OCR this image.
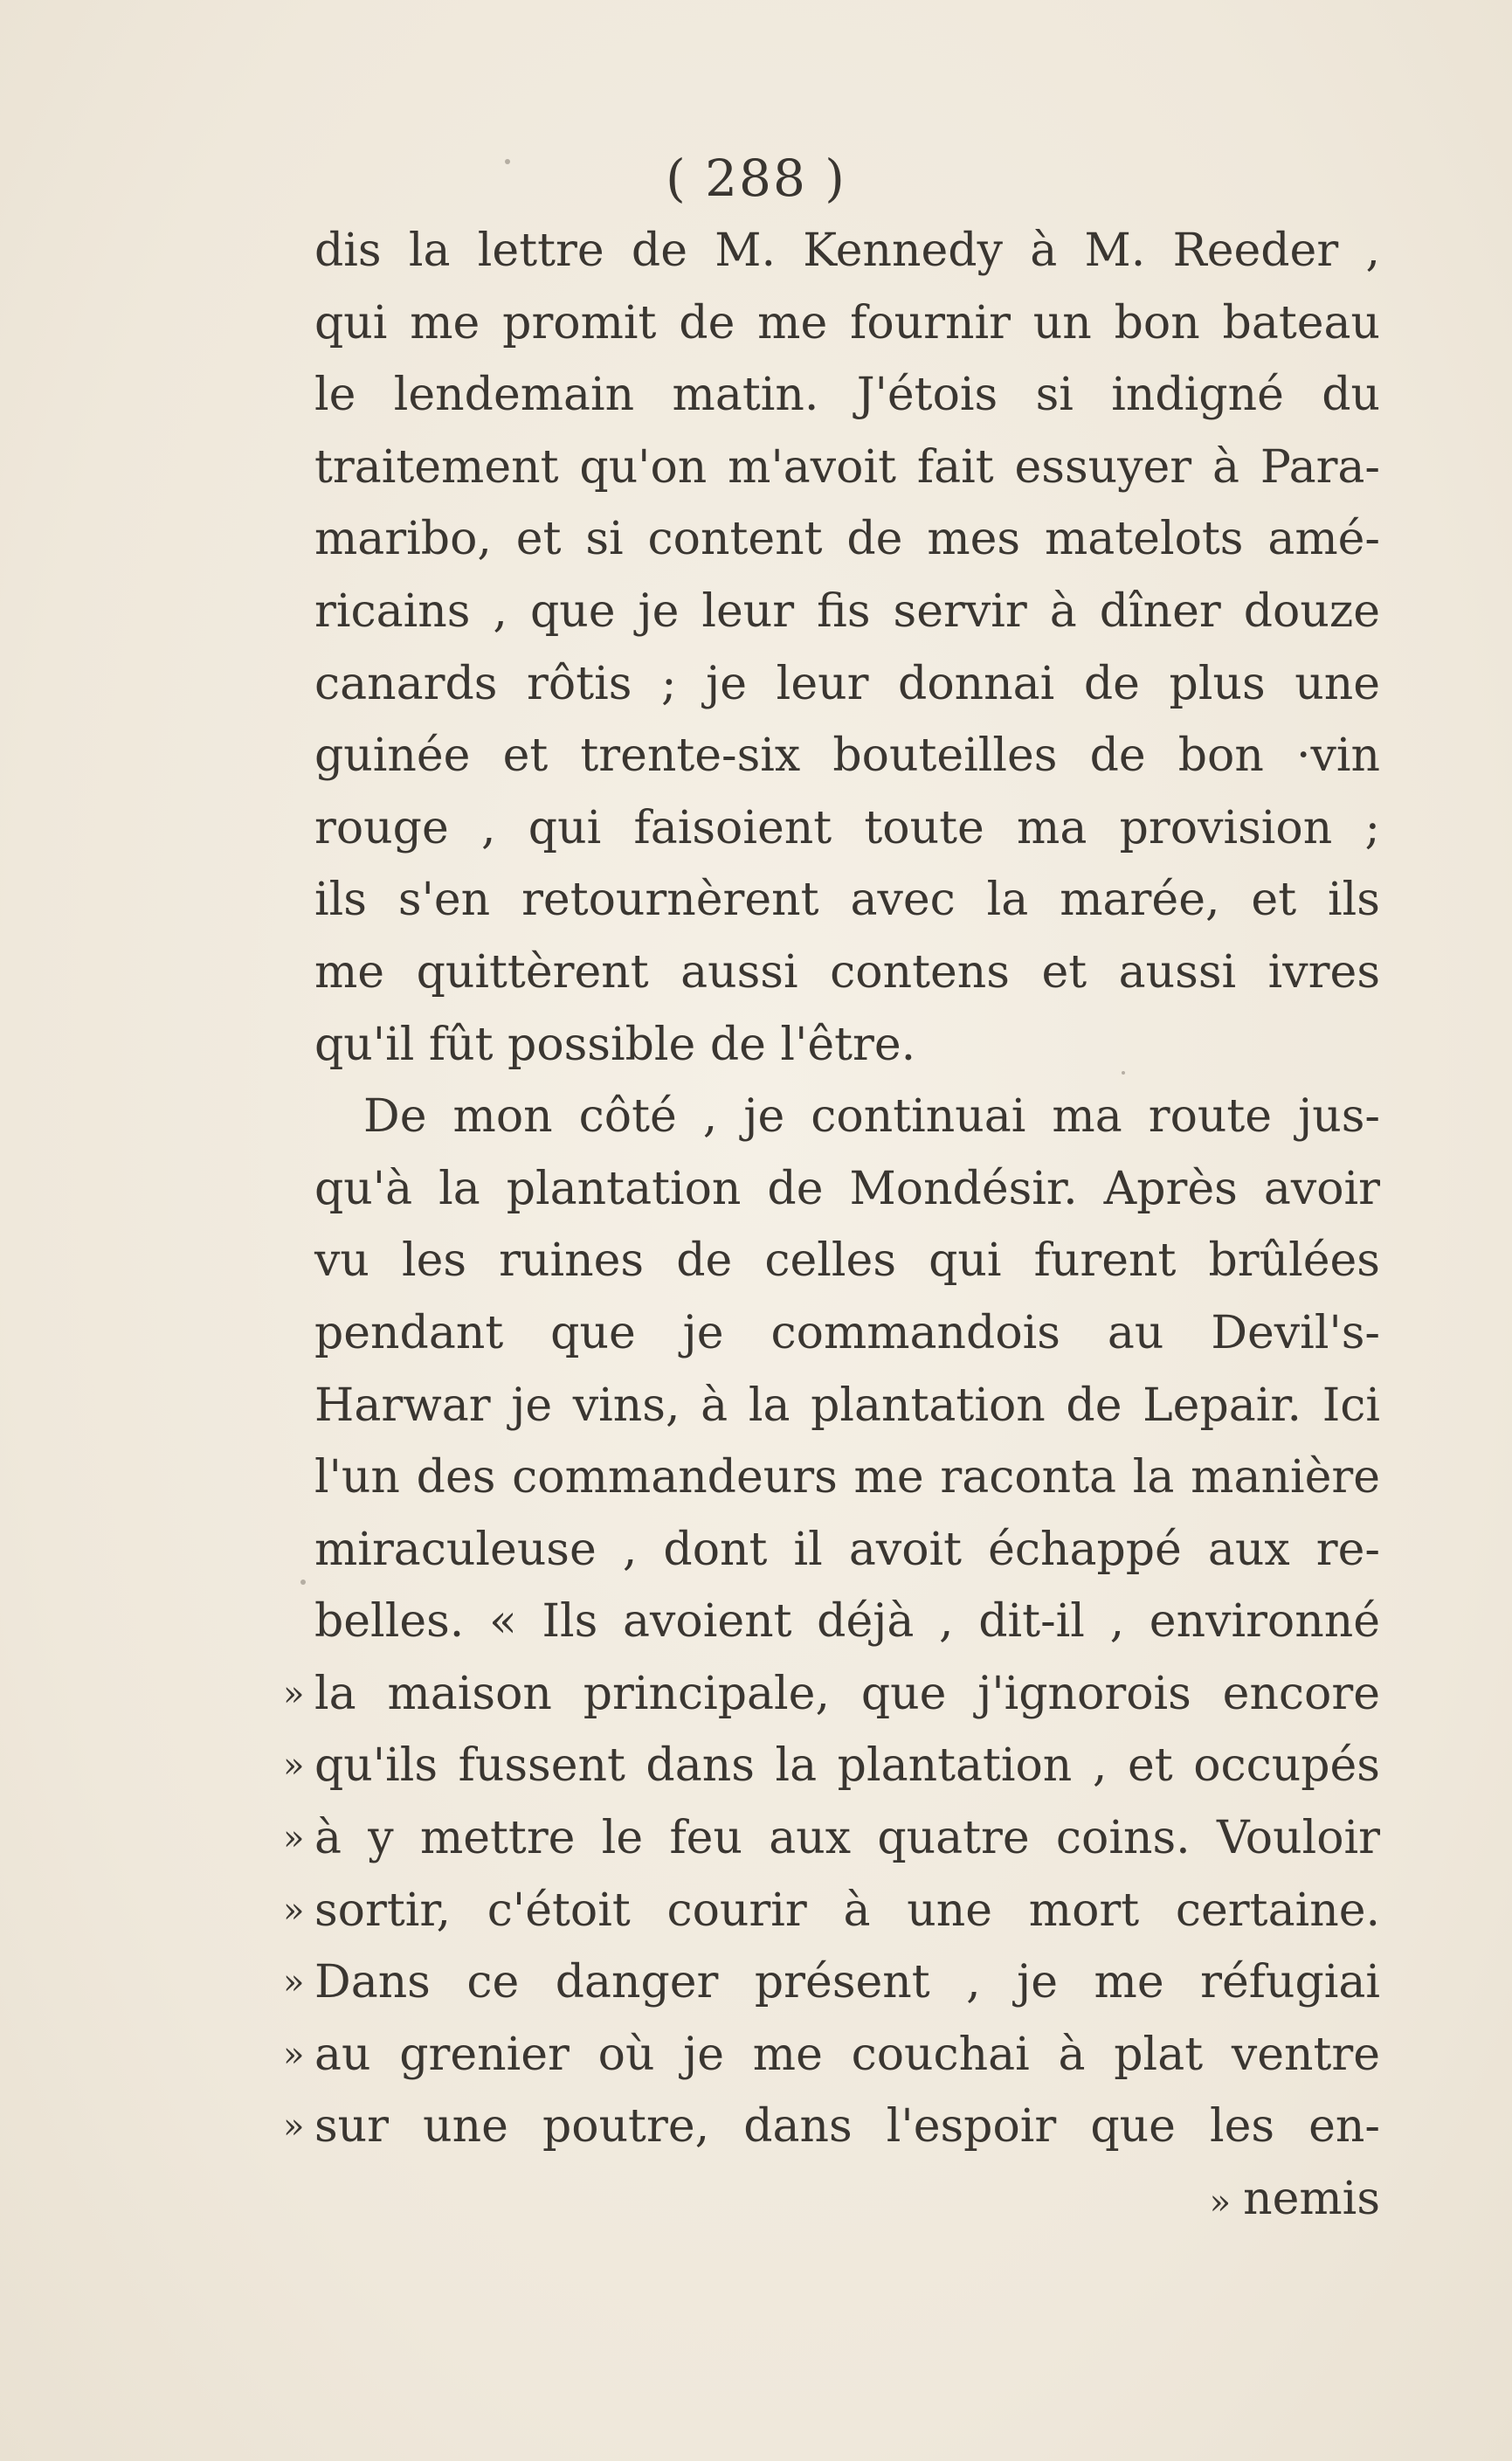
( 288 )
dis la lettre de M. Kennedy à M. Reeder ,
qui me promit de me fournir un bon bateau
le lendemain matin. J'étois si indigné du
traitement qu'on m'avoit fait essuyer à Para-
maribo, et si content de mes matelots amé-
ricains , que je leur fis servir à dîner douze
canards rôtis ; je leur donnai de plus une
guinée et trente-six bouteilles de bon ·vin
rouge , qui faisoient toute ma provision ;
ils s'en retournèrent avec la marée, et ils
me quittèrent aussi contens et aussi ivres
qu'il fût possible de l'être.
De mon côté , je continuai ma route jus-
qu'à la plantation de Mondésir. Après avoir
vu les ruines de celles qui furent brûlées
pendant que je commandois au Devil's-
Harwar je vins, à la plantation de Lepair. Ici
l'un des commandeurs me raconta la manière
miraculeuse , dont il avoit échappé aux re-
belles. « Ils avoient déjà , dit-il , environné
» la maison principale, que j'ignorois encore
» qu'ils fussent dans la plantation , et occupés
» à y mettre le feu aux quatre coins. Vouloir
» sortir, c'étoit courir à une mort certaine.
» Dans ce danger présent , je me réfugiai
» au grenier où je me couchai à plat ventre
» sur une poutre, dans l'espoir que les en-
» nemis
